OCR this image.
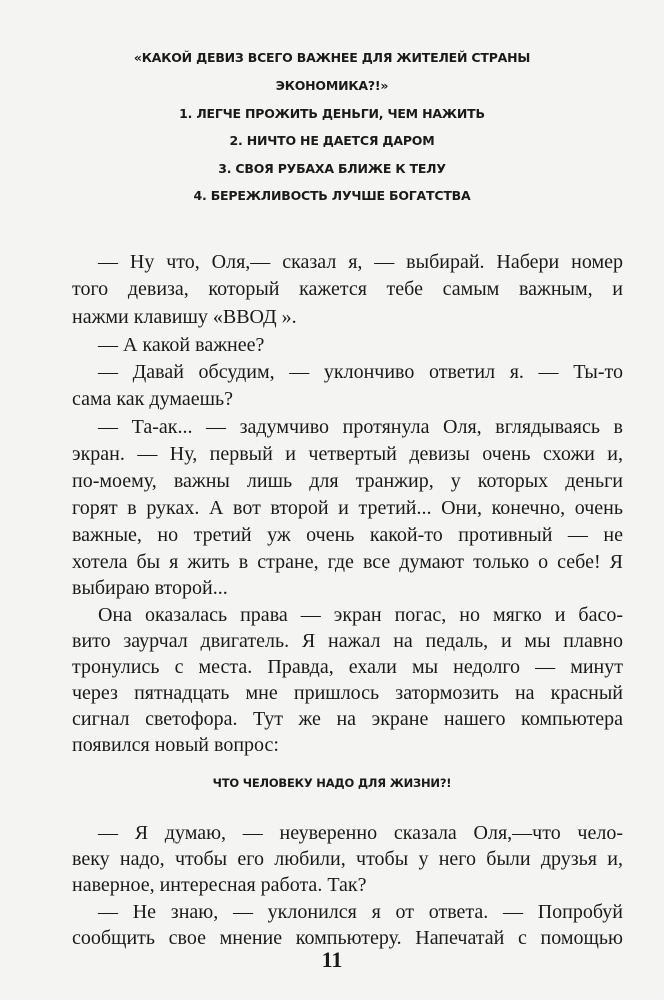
«КАКОЙ ДЕВИЗ ВСЕГО ВАЖНЕЕ ДЛЯ ЖИТЕЛЕЙ СТРАНЫ
ЭКОНОМИКА?!»
1. ЛЕГЧЕ ПРОЖИТЬ ДЕНЬГИ, ЧЕМ НАЖИТЬ
2. НИЧТО НЕ ДАЕТСЯ ДАРОМ
3. СВОЯ РУБАХА БЛИЖЕ К ТЕЛУ
4. БЕРЕЖЛИВОСТЬ ЛУЧШЕ БОГАТСТВА
— Ну что, Оля,— сказал я, — выбирай. Набери номер
того девиза, который кажется тебе самым важным, и
нажми клавишу «ВВОД ».
— А какой важнее?
— Давай обсудим, — уклончиво ответил я. — Ты-то
сама как думаешь?
— Та-ак... — задумчиво протянула Оля, вглядываясь в
экран. — Ну, первый и четвертый девизы очень схожи и,
по-моему, важны лишь для транжир, у которых деньги
горят в руках. А вот второй и третий... Они, конечно, очень
важные, но третий уж очень какой-то противный — не
хотела бы я жить в стране, где все думают только о себе! Я
выбираю второй...
Она оказалась права — экран погас, но мягко и басо-
вито заурчал двигатель. Я нажал на педаль, и мы плавно
тронулись с места. Правда, ехали мы недолго — минут
через пятнадцать мне пришлось затормозить на красный
сигнал светофора. Тут же на экране нашего компьютера
появился новый вопрос:
ЧТО ЧЕЛОВЕКУ НАДО ДЛЯ ЖИЗНИ?!
— Я думаю, — неуверенно сказала Оля,—что чело-
веку надо, чтобы его любили, чтобы у него были друзья и,
наверное, интересная работа. Так?
— Не знаю, — уклонился я от ответа. — Попробуй
сообщить свое мнение компьютеру. Напечатай с помощью
11
